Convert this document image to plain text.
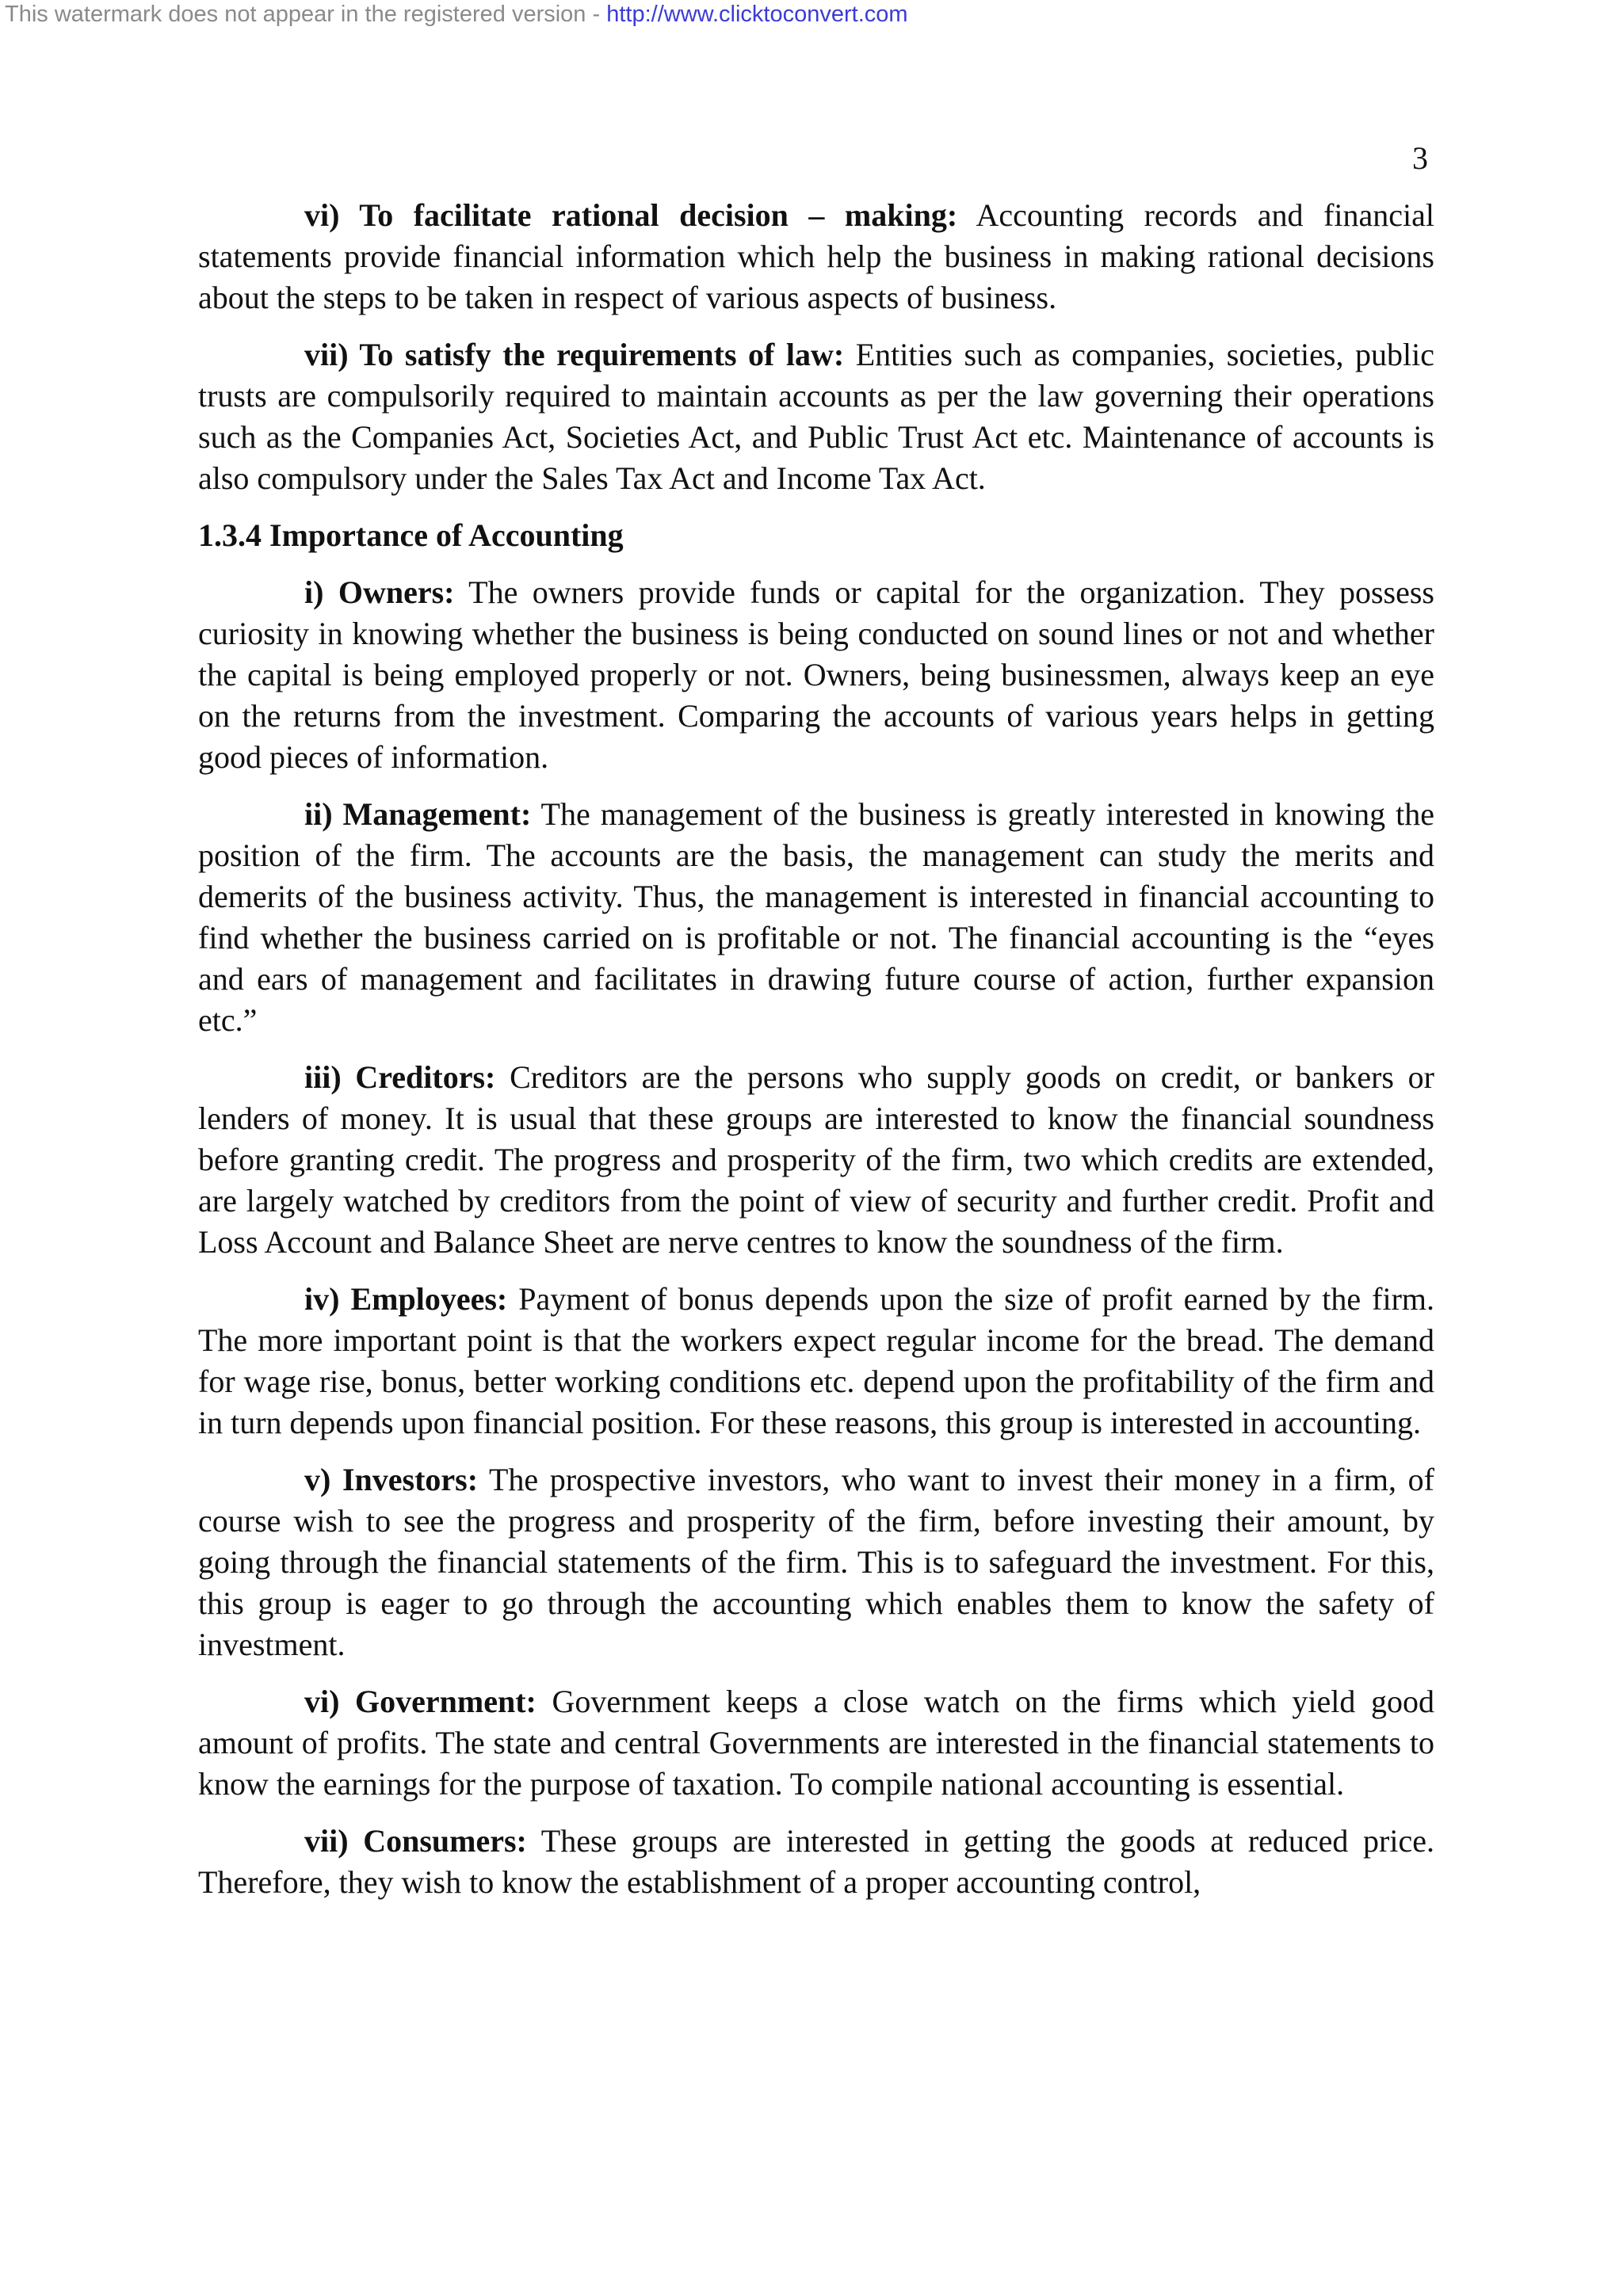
This watermark does not appear in the registered version - http://www.clicktoconvert.com
3

vi) To facilitate rational decision – making: Accounting records and financial statements provide financial information which help the business in making rational decisions about the steps to be taken in respect of various aspects of business.

vii) To satisfy the requirements of law: Entities such as companies, societies, public trusts are compulsorily required to maintain accounts as per the law governing their operations such as the Companies Act, Societies Act, and Public Trust Act etc. Maintenance of accounts is also compulsory under the Sales Tax Act and Income Tax Act.

1.3.4 Importance of Accounting

i) Owners: The owners provide funds or capital for the organization. They possess curiosity in knowing whether the business is being conducted on sound lines or not and whether the capital is being employed properly or not. Owners, being businessmen, always keep an eye on the returns from the investment. Comparing the accounts of various years helps in getting good pieces of information.

ii) Management: The management of the business is greatly interested in knowing the position of the firm. The accounts are the basis, the management can study the merits and demerits of the business activity. Thus, the management is interested in financial accounting to find whether the business carried on is profitable or not. The financial accounting is the “eyes and ears of management and facilitates in drawing future course of action, further expansion etc.”

iii) Creditors: Creditors are the persons who supply goods on credit, or bankers or lenders of money. It is usual that these groups are interested to know the financial soundness before granting credit. The progress and prosperity of the firm, two which credits are extended, are largely watched by creditors from the point of view of security and further credit. Profit and Loss Account and Balance Sheet are nerve centres to know the soundness of the firm.

iv) Employees: Payment of bonus depends upon the size of profit earned by the firm. The more important point is that the workers expect regular income for the bread. The demand for wage rise, bonus, better working conditions etc. depend upon the profitability of the firm and in turn depends upon financial position. For these reasons, this group is interested in accounting.

v) Investors: The prospective investors, who want to invest their money in a firm, of course wish to see the progress and prosperity of the firm, before investing their amount, by going through the financial statements of the firm. This is to safeguard the investment. For this, this group is eager to go through the accounting which enables them to know the safety of investment.

vi) Government: Government keeps a close watch on the firms which yield good amount of profits. The state and central Governments are interested in the financial statements to know the earnings for the purpose of taxation. To compile national accounting is essential.

vii) Consumers: These groups are interested in getting the goods at reduced price. Therefore, they wish to know the establishment of a proper accounting control,
